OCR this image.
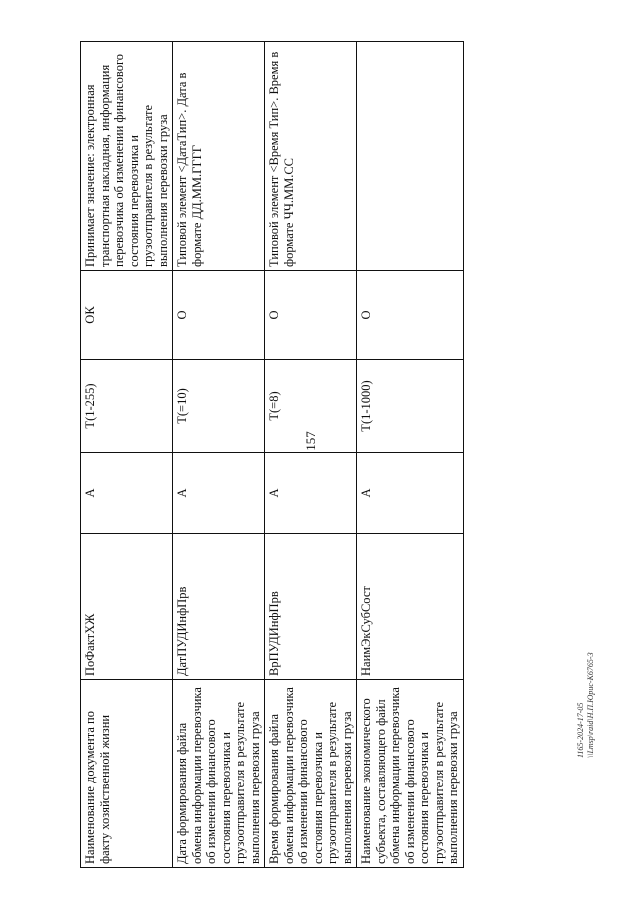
157
Наименование документа по факту хозяйственной жизни	ПоФактХЖ	А	Т(1-255)	ОК	Принимает значение: электронная транспортная накладная, информация перевозчика об изменении финансового состояния перевозчика и грузоотправителя в результате выполнения перевозки груза
Дата формирования файла обмена информации перевозчика об изменении финансового состояния перевозчика и грузоотправителя в результате выполнения перевозки груза	ДатПУДИнфПрв	А	Т(=10)	О	Типовой элемент <ДатаТип>. Дата в формате ДД.ММ.ГГГГ
Время формирования файла обмена информации перевозчика об изменении финансового состояния перевозчика и грузоотправителя в результате выполнения перевозки груза	ВрПУДИнфПрв	А	Т(=8)	О	Типовой элемент <Время Тип>. Время в формате ЧЧ.ММ.СС
Наименование экономического субъекта, составляющего файл обмена информации перевозчика об изменении финансового состояния перевозчика и грузоотправителя в результате выполнения перевозки груза	НаимЭкСубСост	А	Т(1-1000)	О	
1165-2024-17-05 \\Lmsp\raid\Н.П.Юрис-К6765-3
